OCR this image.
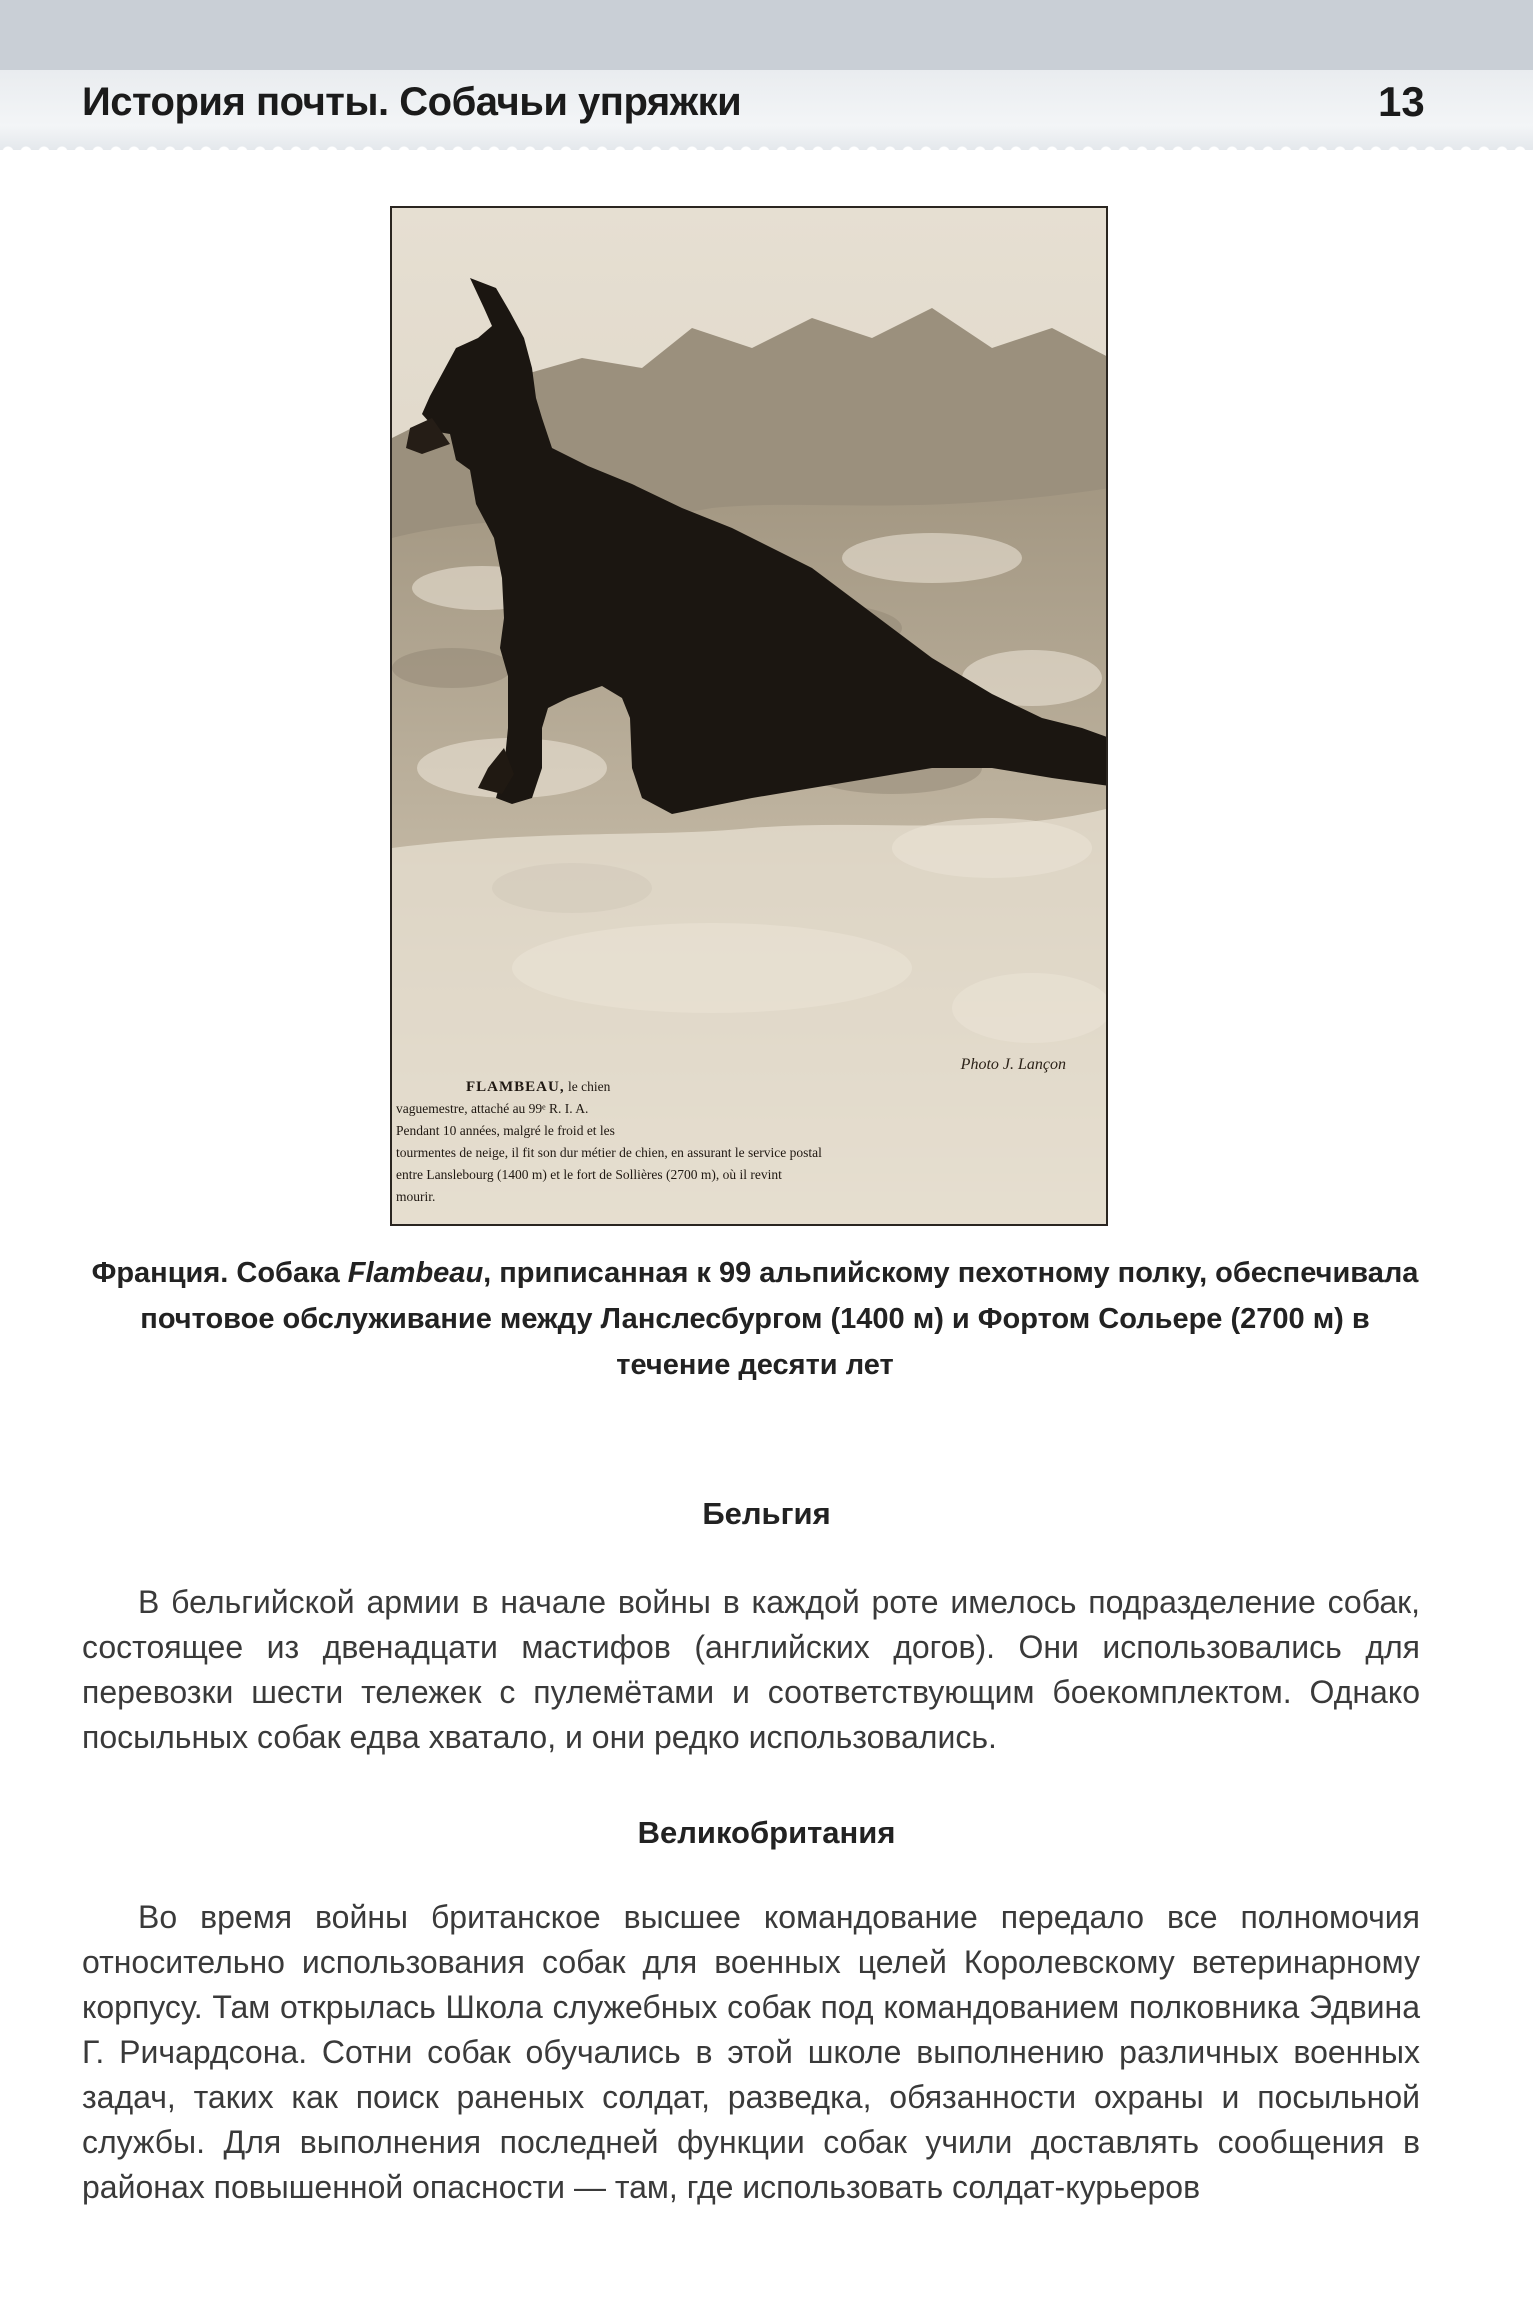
История почты. Собачьи упряжки	13
Photo J. Lançon
FLAMBEAU, le chien
vaguemestre, attaché au 99ᵉ R. I. A.
Pendant 10 années, malgré le froid et les
tourmentes de neige, il fit son dur métier de chien, en assurant le service postal
entre Lanslebourg (1400 m) et le fort de Sollières (2700 m), où il revint
mourir.
Франция. Собака Flambeau, приписанная к 99 альпийскому пехотному полку, обеспечивала почтовое обслуживание между Ланслесбургом (1400 м) и Фортом Сольере (2700 м) в течение десяти лет
Бельгия
В бельгийской армии в начале войны в каждой роте имелось подразделение собак, состоящее из двенадцати мастифов (английских догов). Они использовались для перевозки шести тележек с пулемётами и соответствующим боекомплектом. Однако посыльных собак едва хватало, и они редко использовались.
Великобритания
Во время войны британское высшее командование передало все полномочия относительно использования собак для военных целей Королевскому ветеринарному корпусу. Там открылась Школа служебных собак под командованием полковника Эдвина Г. Ричардсона. Сотни собак обучались в этой школе выполнению различных военных задач, таких как поиск раненых солдат, разведка, обязанности охраны и посыльной службы. Для выполнения последней функции собак учили доставлять сообщения в районах повышенной опасности — там, где использовать солдат-курьеров
